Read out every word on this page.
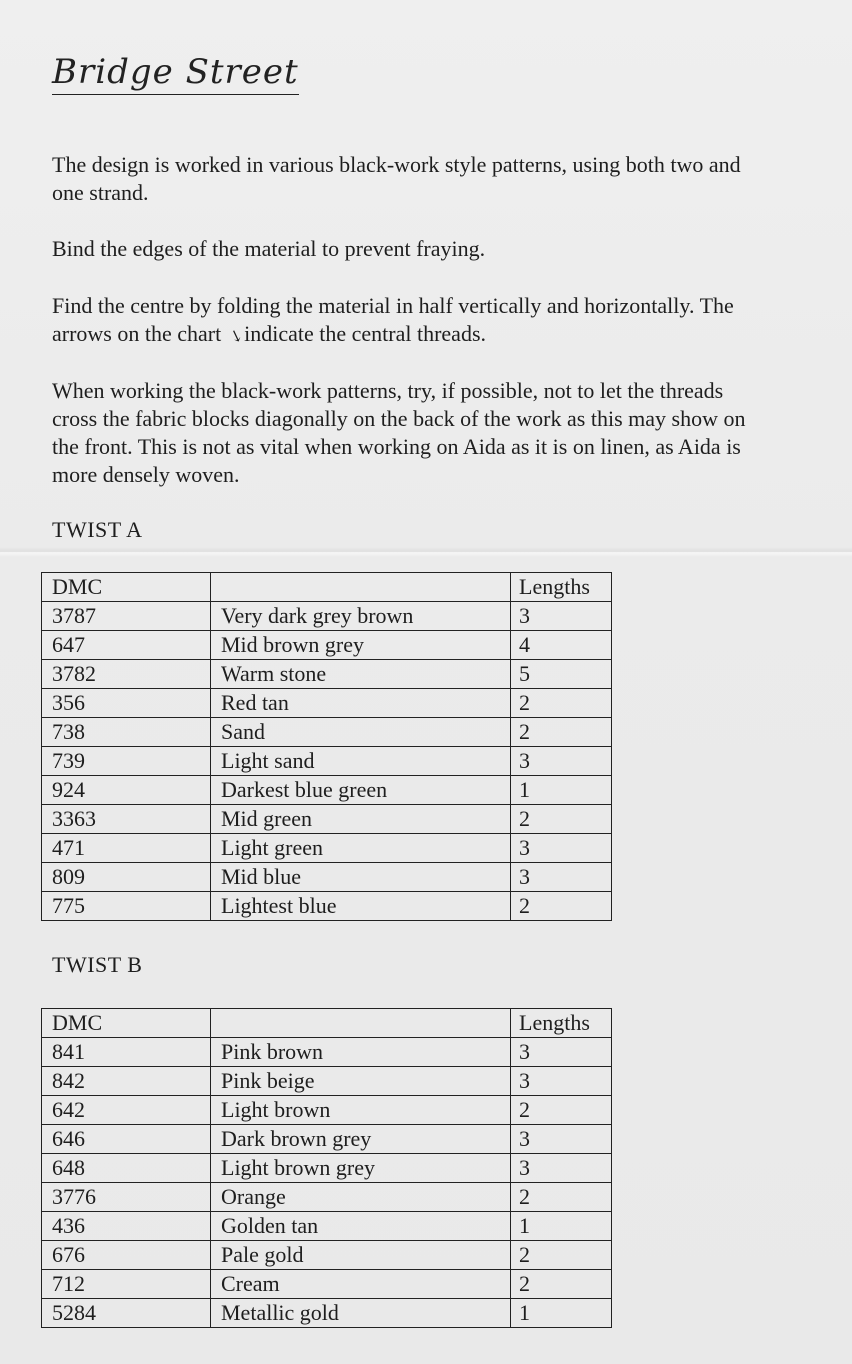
Bridge Street

The design is worked in various black-work style patterns, using both two and one strand.

Bind the edges of the material to prevent fraying.

Find the centre by folding the material in half vertically and horizontally. The arrows on the chart ↘indicate the central threads.

When working the black-work patterns, try, if possible, not to let the threads cross the fabric blocks diagonally on the back of the work as this may show on the front. This is not as vital when working on Aida as it is on linen, as Aida is more densely woven.

TWIST A
DMC		Lengths
3787	Very dark grey brown	3
647	Mid brown grey	4
3782	Warm stone	5
356	Red tan	2
738	Sand	2
739	Light sand	3
924	Darkest blue green	1
3363	Mid green	2
471	Light green	3
809	Mid blue	3
775	Lightest blue	2
TWIST B
DMC		Lengths
841	Pink brown	3
842	Pink beige	3
642	Light brown	2
646	Dark brown grey	3
648	Light brown grey	3
3776	Orange	2
436	Golden tan	1
676	Pale gold	2
712	Cream	2
5284	Metallic gold	1
